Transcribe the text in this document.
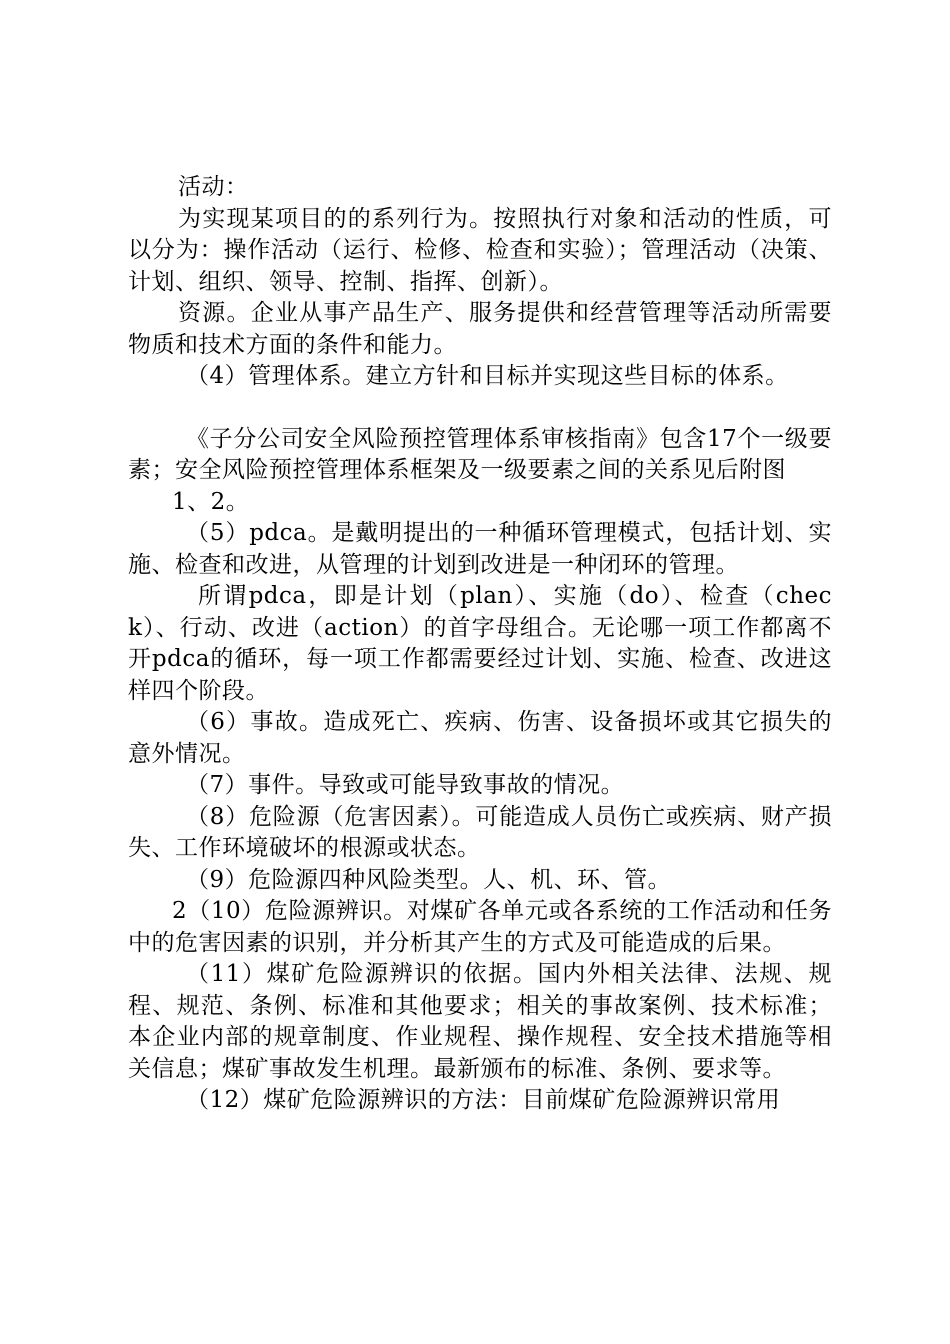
活动：

为实现某项目的的系列行为。按照执行对象和活动的性质，可以分为：操作活动（运行、检修、检查和实验）；管理活动（决策、计划、组织、领导、控制、指挥、创新）。

资源。企业从事产品生产、服务提供和经营管理等活动所需要物质和技术方面的条件和能力。

（4）管理体系。建立方针和目标并实现这些目标的体系。

《子分公司安全风险预控管理体系审核指南》包含17个一级要素；安全风险预控管理体系框架及一级要素之间的关系见后附图

1、2。

（5）pdca。是戴明提出的一种循环管理模式，包括计划、实施、检查和改进，从管理的计划到改进是一种闭环的管理。

所谓pdca，即是计划（plan）、实施（do）、检查（check）、行动、改进（action）的首字母组合。无论哪一项工作都离不开pdca的循环，每一项工作都需要经过计划、实施、检查、改进这样四个阶段。

（6）事故。造成死亡、疾病、伤害、设备损坏或其它损失的意外情况。

（7）事件。导致或可能导致事故的情况。

（8）危险源（危害因素）。可能造成人员伤亡或疾病、财产损失、工作环境破坏的根源或状态。

（9）危险源四种风险类型。人、机、环、管。

2（10）危险源辨识。对煤矿各单元或各系统的工作活动和任务中的危害因素的识别，并分析其产生的方式及可能造成的后果。

（11）煤矿危险源辨识的依据。国内外相关法律、法规、规程、规范、条例、标准和其他要求；相关的事故案例、技术标准；本企业内部的规章制度、作业规程、操作规程、安全技术措施等相关信息；煤矿事故发生机理。最新颁布的标准、条例、要求等。

（12）煤矿危险源辨识的方法：目前煤矿危险源辨识常用
